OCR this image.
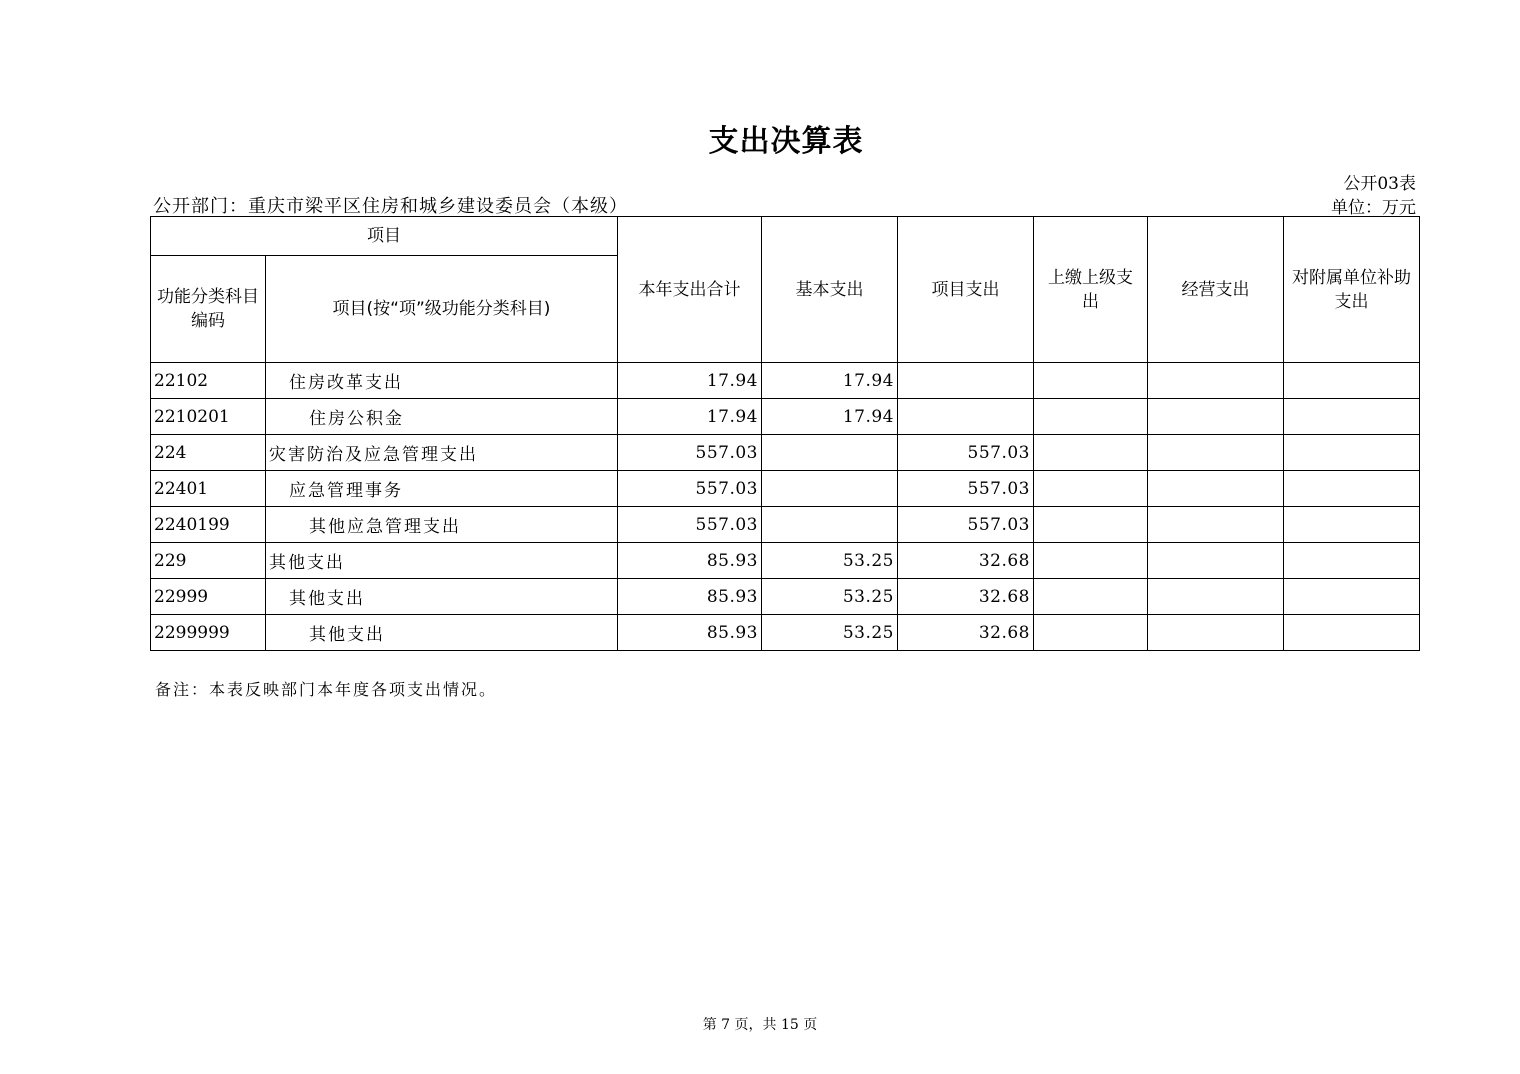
支出决算表
公开03表
公开部门：重庆市梁平区住房和城乡建设委员会（本级）	单位：万元
项目		本年支出合计	基本支出	项目支出	上缴上级支出	经营支出	对附属单位补助支出
功能分类科目编码	项目(按“项”级功能分类科目)						
22102	住房改革支出	17.94	17.94				
2210201	住房公积金	17.94	17.94				
224	灾害防治及应急管理支出	557.03		557.03			
22401	应急管理事务	557.03		557.03			
2240199	其他应急管理支出	557.03		557.03			
229	其他支出	85.93	53.25	32.68			
22999	其他支出	85.93	53.25	32.68			
2299999	其他支出	85.93	53.25	32.68			
备注：本表反映部门本年度各项支出情况。
第 7 页，共 15 页
